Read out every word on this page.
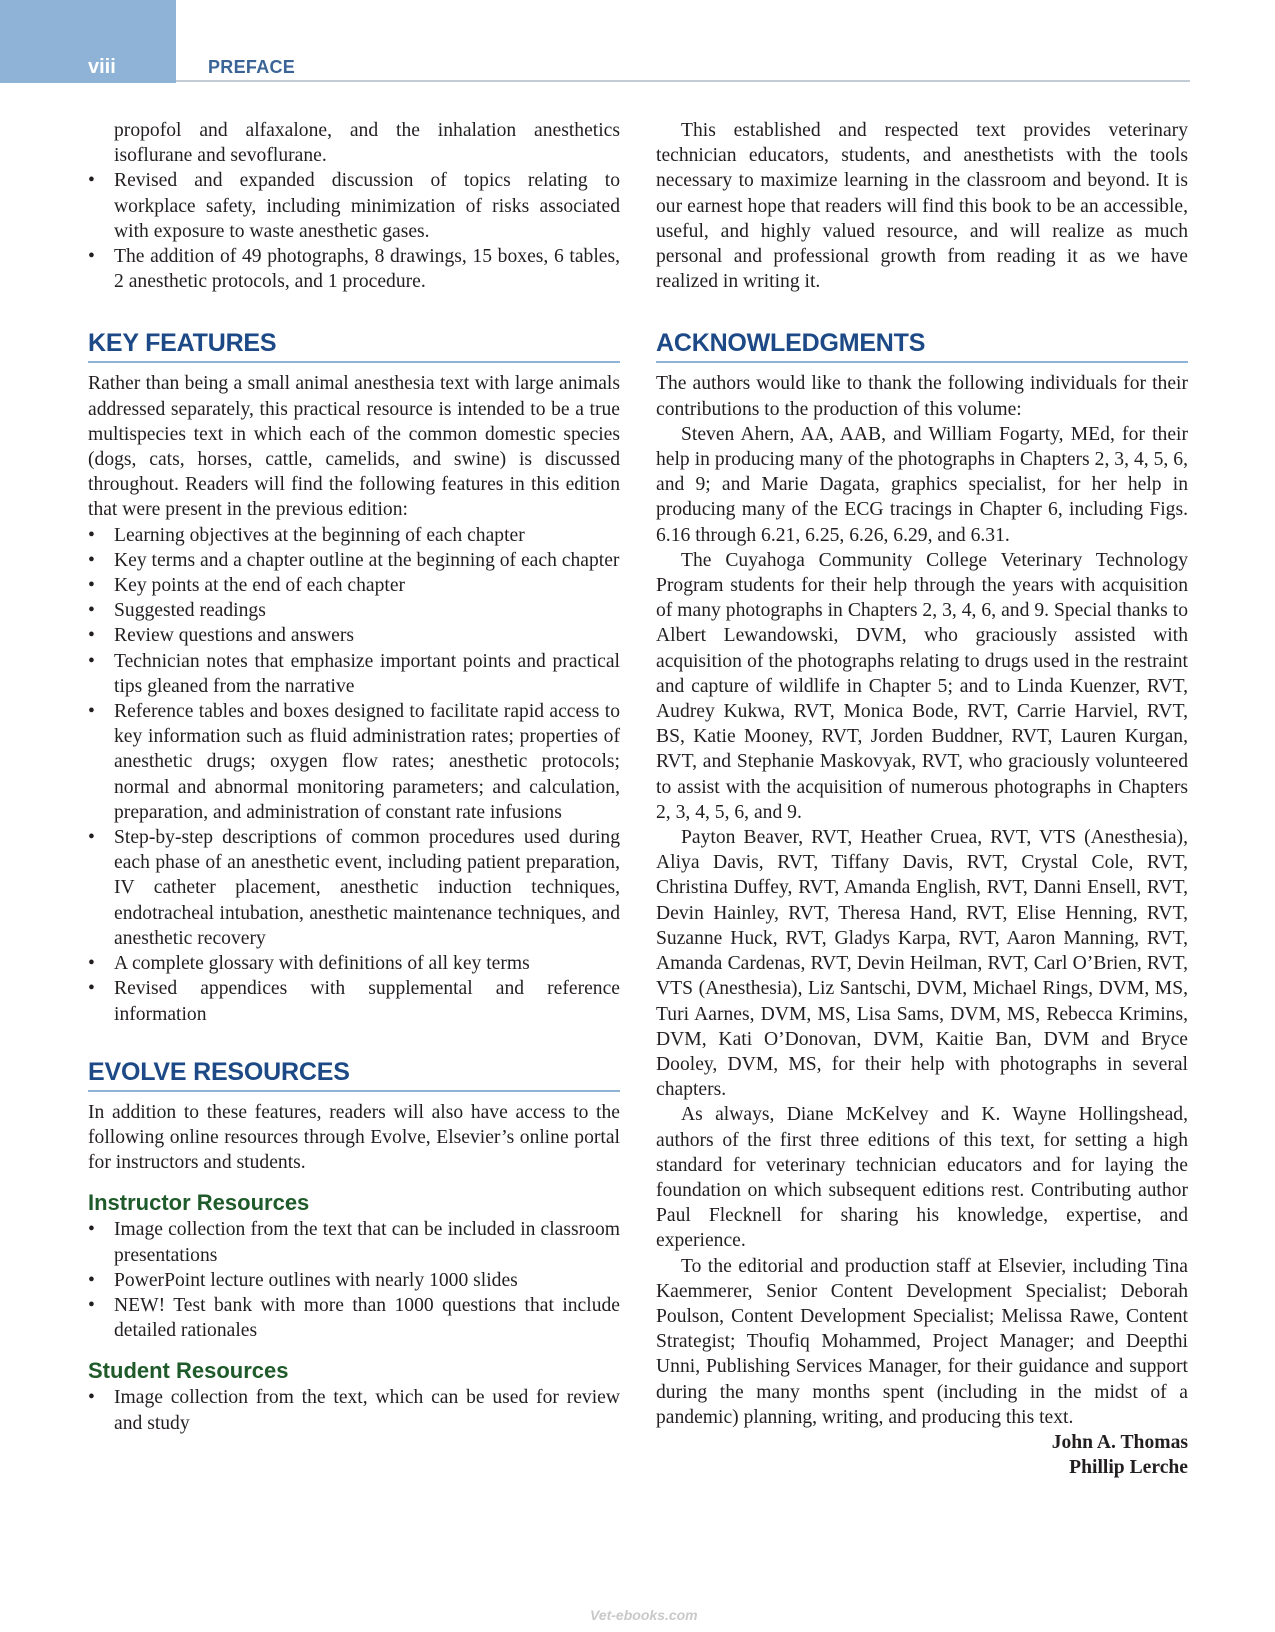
viii	PREFACE

propofol and alfaxalone, and the inhalation anesthetics isoflurane and sevoflurane.

• Revised and expanded discussion of topics relating to workplace safety, including minimization of risks associated with exposure to waste anesthetic gases.
• The addition of 49 photographs, 8 drawings, 15 boxes, 6 tables, 2 anesthetic protocols, and 1 procedure.
KEY FEATURES

Rather than being a small animal anesthesia text with large animals addressed separately, this practical resource is intended to be a true multispecies text in which each of the common domestic species (dogs, cats, horses, cattle, camelids, and swine) is discussed throughout. Readers will find the following features in this edition that were present in the previous edition:

• Learning objectives at the beginning of each chapter
• Key terms and a chapter outline at the beginning of each chapter
• Key points at the end of each chapter
• Suggested readings
• Review questions and answers
• Technician notes that emphasize important points and practical tips gleaned from the narrative
• Reference tables and boxes designed to facilitate rapid access to key information such as fluid administration rates; properties of anesthetic drugs; oxygen flow rates; anesthetic protocols; normal and abnormal monitoring parameters; and calculation, preparation, and administration of constant rate infusions
• Step-by-step descriptions of common procedures used during each phase of an anesthetic event, including patient preparation, IV catheter placement, anesthetic induction techniques, endotracheal intubation, anesthetic maintenance techniques, and anesthetic recovery
• A complete glossary with definitions of all key terms
• Revised appendices with supplemental and reference information
EVOLVE RESOURCES

In addition to these features, readers will also have access to the following online resources through Evolve, Elsevier’s online portal for instructors and students.

Instructor Resources
• Image collection from the text that can be included in classroom presentations
• PowerPoint lecture outlines with nearly 1000 slides
• NEW! Test bank with more than 1000 questions that include detailed rationales
Student Resources
• Image collection from the text, which can be used for review and study

This established and respected text provides veterinary technician educators, students, and anesthetists with the tools necessary to maximize learning in the classroom and beyond. It is our earnest hope that readers will find this book to be an accessible, useful, and highly valued resource, and will realize as much personal and professional growth from reading it as we have realized in writing it.

ACKNOWLEDGMENTS

The authors would like to thank the following individuals for their contributions to the production of this volume:

Steven Ahern, AA, AAB, and William Fogarty, MEd, for their help in producing many of the photographs in Chapters 2, 3, 4, 5, 6, and 9; and Marie Dagata, graphics specialist, for her help in producing many of the ECG tracings in Chapter 6, including Figs. 6.16 through 6.21, 6.25, 6.26, 6.29, and 6.31.

The Cuyahoga Community College Veterinary Technology Program students for their help through the years with acquisition of many photographs in Chapters 2, 3, 4, 6, and 9. Special thanks to Albert Lewandowski, DVM, who graciously assisted with acquisition of the photographs relating to drugs used in the restraint and capture of wildlife in Chapter 5; and to Linda Kuenzer, RVT, Audrey Kukwa, RVT, Monica Bode, RVT, Carrie Harviel, RVT, BS, Katie Mooney, RVT, Jorden Buddner, RVT, Lauren Kurgan, RVT, and Stephanie Maskovyak, RVT, who graciously volunteered to assist with the acquisition of numerous photographs in Chapters 2, 3, 4, 5, 6, and 9.

Payton Beaver, RVT, Heather Cruea, RVT, VTS (Anesthesia), Aliya Davis, RVT, Tiffany Davis, RVT, Crystal Cole, RVT, Christina Duffey, RVT, Amanda English, RVT, Danni Ensell, RVT, Devin Hainley, RVT, Theresa Hand, RVT, Elise Henning, RVT, Suzanne Huck, RVT, Gladys Karpa, RVT, Aaron Manning, RVT, Amanda Cardenas, RVT, Devin Heilman, RVT, Carl O’Brien, RVT, VTS (Anesthesia), Liz Santschi, DVM, Michael Rings, DVM, MS, Turi Aarnes, DVM, MS, Lisa Sams, DVM, MS, Rebecca Krimins, DVM, Kati O’Donovan, DVM, Kaitie Ban, DVM and Bryce Dooley, DVM, MS, for their help with photographs in several chapters.

As always, Diane McKelvey and K. Wayne Hollingshead, authors of the first three editions of this text, for setting a high standard for veterinary technician educators and for laying the foundation on which subsequent editions rest. Contributing author Paul Flecknell for sharing his knowledge, expertise, and experience.

To the editorial and production staff at Elsevier, including Tina Kaemmerer, Senior Content Development Specialist; Deborah Poulson, Content Development Specialist; Melissa Rawe, Content Strategist; Thoufiq Mohammed, Project Manager; and Deepthi Unni, Publishing Services Manager, for their guidance and support during the many months spent (including in the midst of a pandemic) planning, writing, and producing this text.

John A. Thomas
Phillip Lerche
Vet-ebooks.com
